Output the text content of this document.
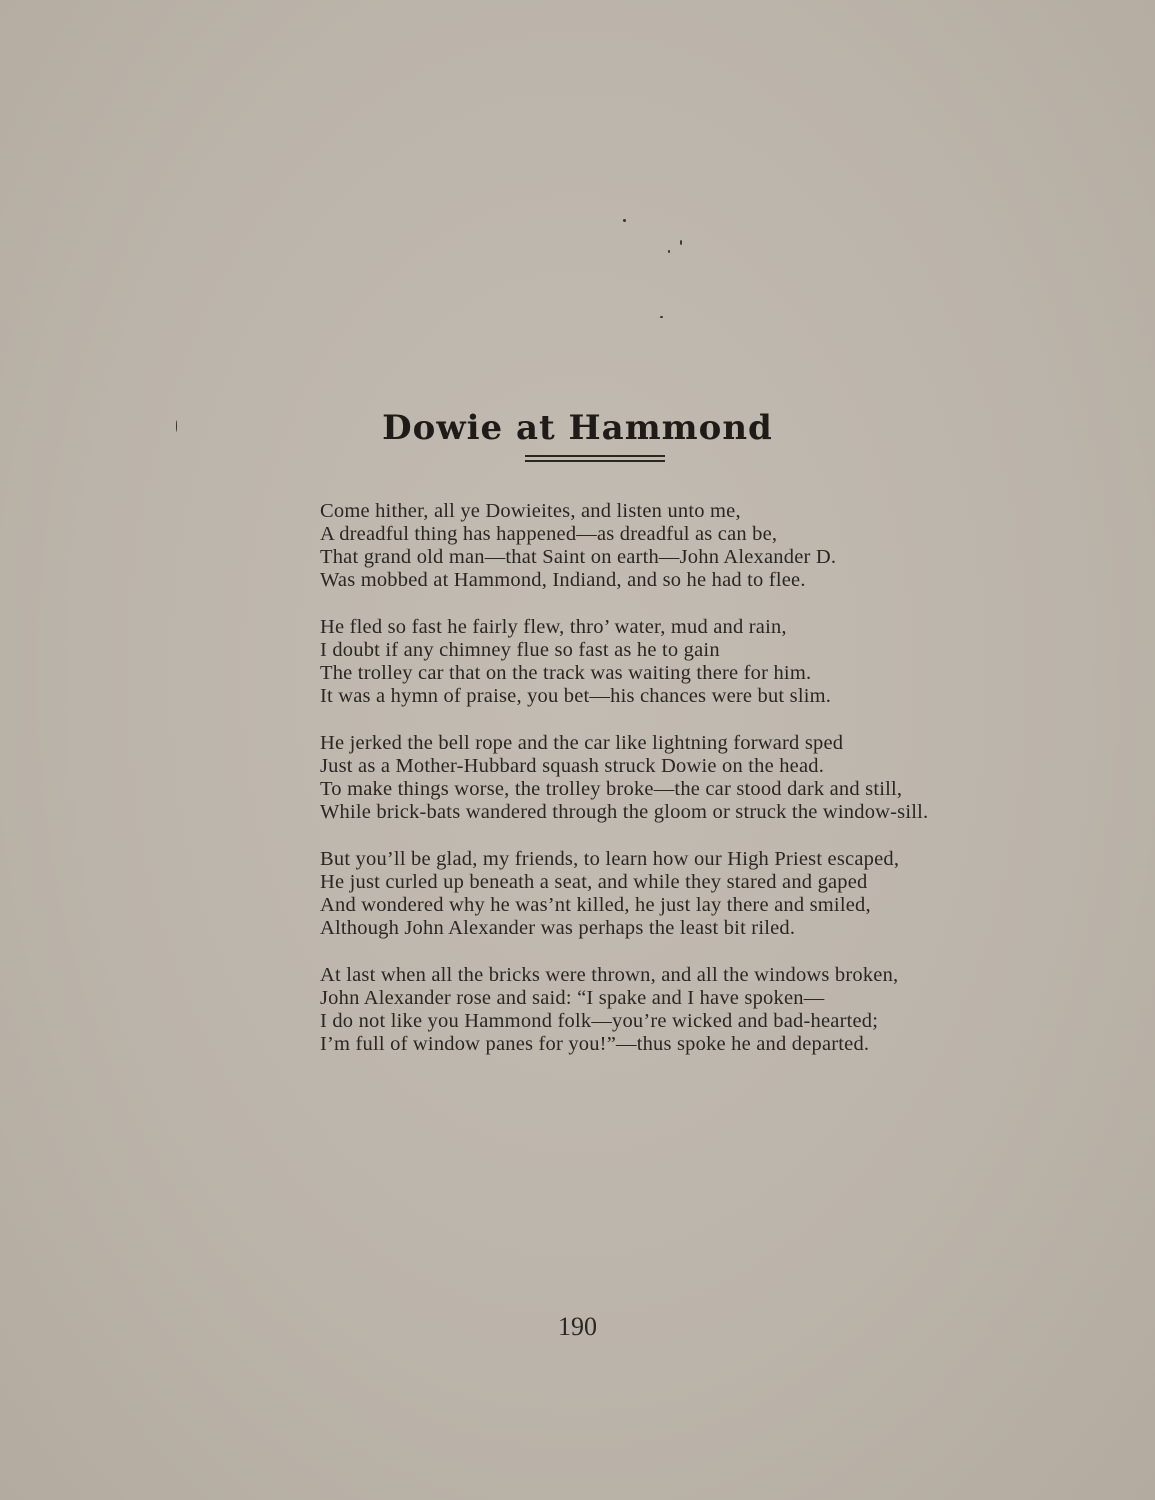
Dowie at Hammond
Come hither, all ye Dowieites, and listen unto me,
A dreadful thing has happened—as dreadful as can be,
That grand old man—that Saint on earth—John Alexander D.
Was mobbed at Hammond, Indiand, and so he had to flee.
He fled so fast he fairly flew, thro’ water, mud and rain,
I doubt if any chimney flue so fast as he to gain
The trolley car that on the track was waiting there for him.
It was a hymn of praise, you bet—his chances were but slim.
He jerked the bell rope and the car like lightning forward sped
Just as a Mother-Hubbard squash struck Dowie on the head.
To make things worse, the trolley broke—the car stood dark and still,
While brick-bats wandered through the gloom or struck the window-sill.
But you’ll be glad, my friends, to learn how our High Priest escaped,
He just curled up beneath a seat, and while they stared and gaped
And wondered why he was’nt killed, he just lay there and smiled,
Although John Alexander was perhaps the least bit riled.
At last when all the bricks were thrown, and all the windows broken,
John Alexander rose and said: “I spake and I have spoken—
I do not like you Hammond folk—you’re wicked and bad-hearted;
I’m full of window panes for you!”—thus spoke he and departed.
190
